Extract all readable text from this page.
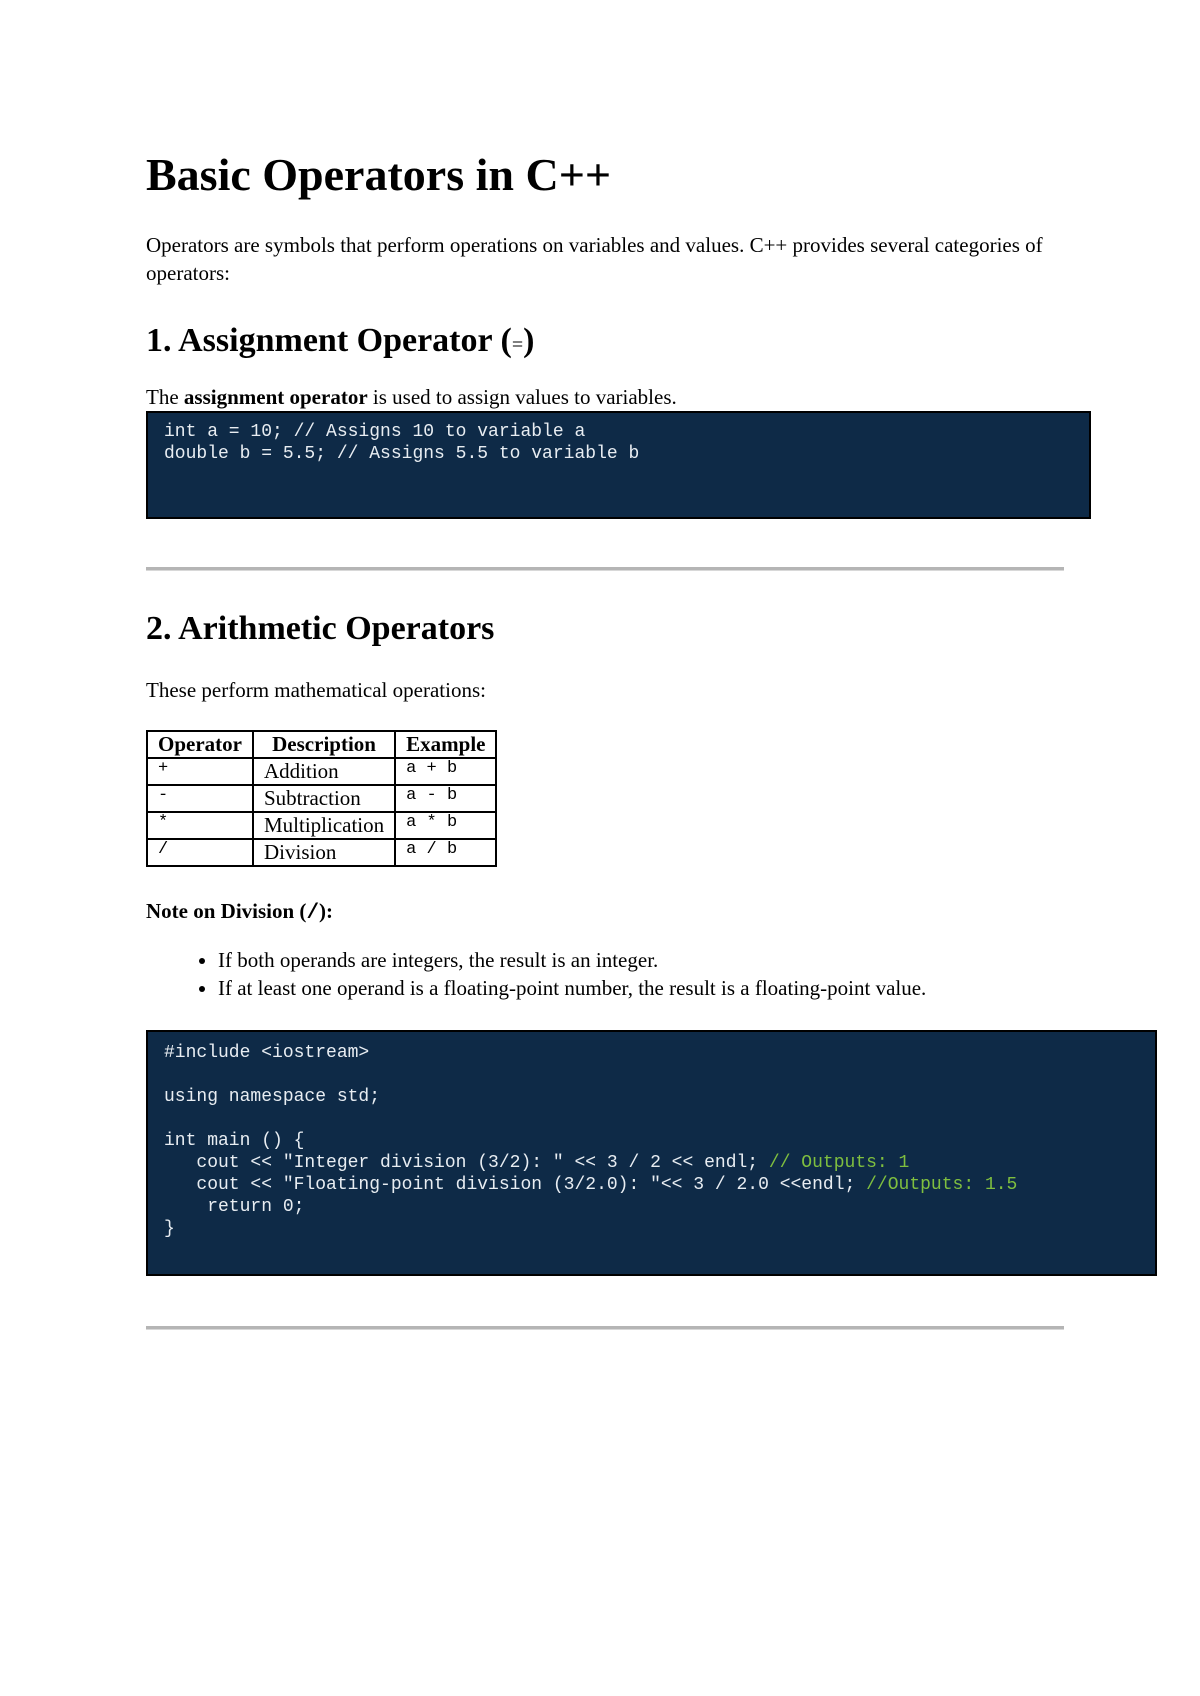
Basic Operators in C++

Operators are symbols that perform operations on variables and values. C++ provides several categories of operators:

1. Assignment Operator (=)

The assignment operator is used to assign values to variables.

int a = 10; // Assigns 10 to variable a
double b = 5.5; // Assigns 5.5 to variable b
2. Arithmetic Operators

These perform mathematical operations:

Operator	Description	Example
+	Addition	a + b
-	Subtraction	a - b
*	Multiplication	a * b
/	Division	a / b

Note on Division (/):

• If both operands are integers, the result is an integer.
• If at least one operand is a floating-point number, the result is a floating-point value.
#include <iostream>
using namespace std;
int main () {
cout << "Integer division (3/2): " << 3 / 2 << endl; // Outputs: 1
cout << "Floating-point division (3/2.0): "<< 3 / 2.0 <<endl; //Outputs: 1.5
return 0;
}
